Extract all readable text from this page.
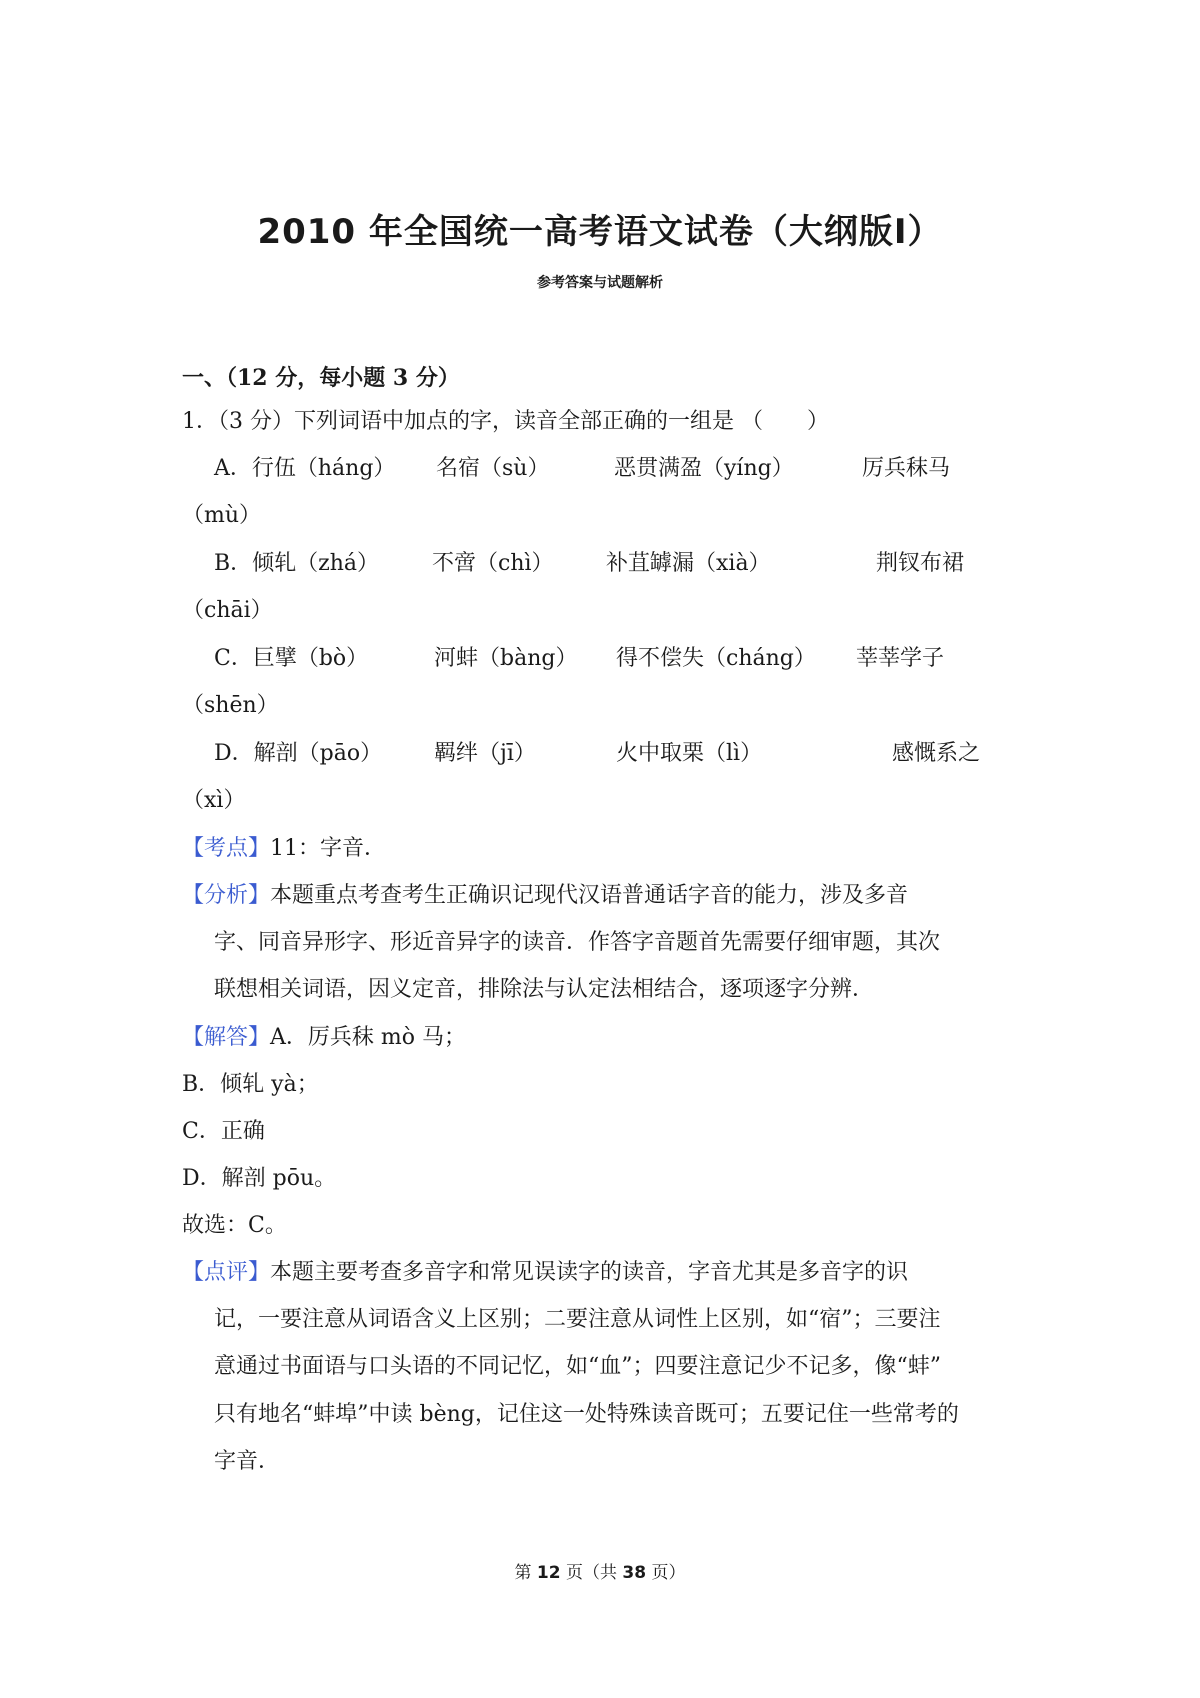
2010 年全国统一高考语文试卷（大纲版Ⅰ）
参考答案与试题解析
一、（12 分，每小题 3 分）
1．（3 分）下列词语中加点的字，读音全部正确的一组是 （　　）
A．行伍（háng） 名宿（sù）	恶贯满盈（yíng）	厉兵秣马
（mù）
B．倾轧（zhá） 不啻（chì） 补苴罅漏（xià）	荆钗布裙
（chāi）
C．巨擘（bò）	河蚌（bàng） 得不偿失（cháng） 莘莘学子
（shēn）
D．解剖（pāo） 羁绊（jī）	火中取栗（lì）	感慨系之
（xì）
【考点】11：字音．
【分析】本题重点考查考生正确识记现代汉语普通话字音的能力，涉及多音
字、同音异形字、形近音异字的读音．作答字音题首先需要仔细审题，其次
联想相关词语，因义定音，排除法与认定法相结合，逐项逐字分辨．
【解答】A．厉兵秣 mò 马；
B．倾轧 yà；
C．正确
D．解剖 pōu。
故选：C。
【点评】本题主要考查多音字和常见误读字的读音，字音尤其是多音字的识
记，一要注意从词语含义上区别；二要注意从词性上区别，如“宿”；三要注
意通过书面语与口头语的不同记忆，如“血”；四要注意记少不记多，像“蚌”
只有地名“蚌埠”中读 bèng，记住这一处特殊读音既可；五要记住一些常考的
字音．
第 12 页（共 38 页）
